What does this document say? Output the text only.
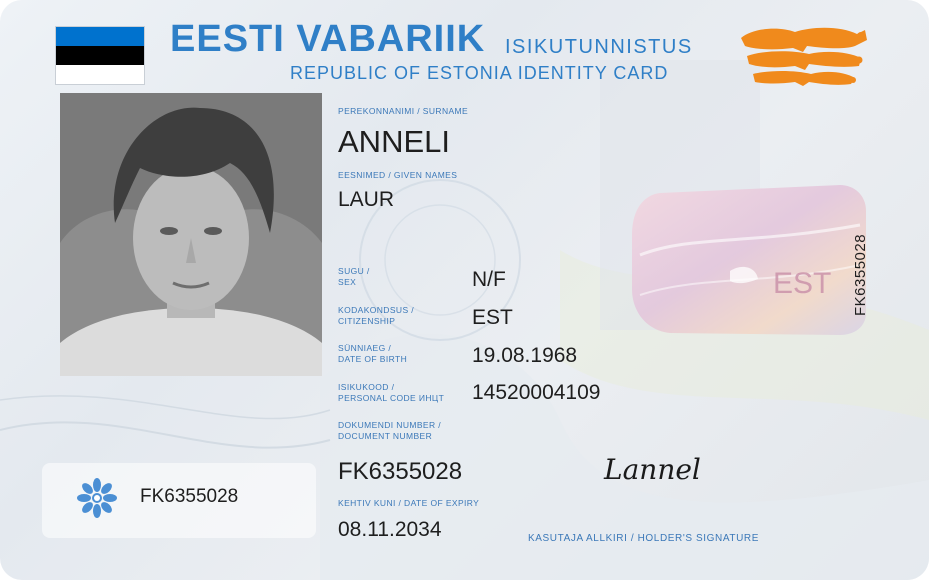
EESTI VABARIIK ISIKUTUNNISTUS
REPUBLIC OF ESTONIA IDENTITY CARD
PEREKONNANIMI / SURNAME
ANNELI
EESNIMED / GIVEN NAMES
LAUR
SUGU /
SEX	N/F
KODAKONDSUS /
CITIZENSHIP	EST
SÜNNIAEG /
DATE OF BIRTH	19.08.1968
ISIKUKOOD /
PERSONAL CODE ИНЦТ 14520004109
DOKUMENDI NUMBER /
DOCUMENT NUMBER
FK6355028
KEHTIV KUNI / DATE OF EXPIRY
08.11.2034
EST FK6355028
Lannel
KASUTAJA ALLKIRI / HOLDER'S SIGNATURE
FK6355028
